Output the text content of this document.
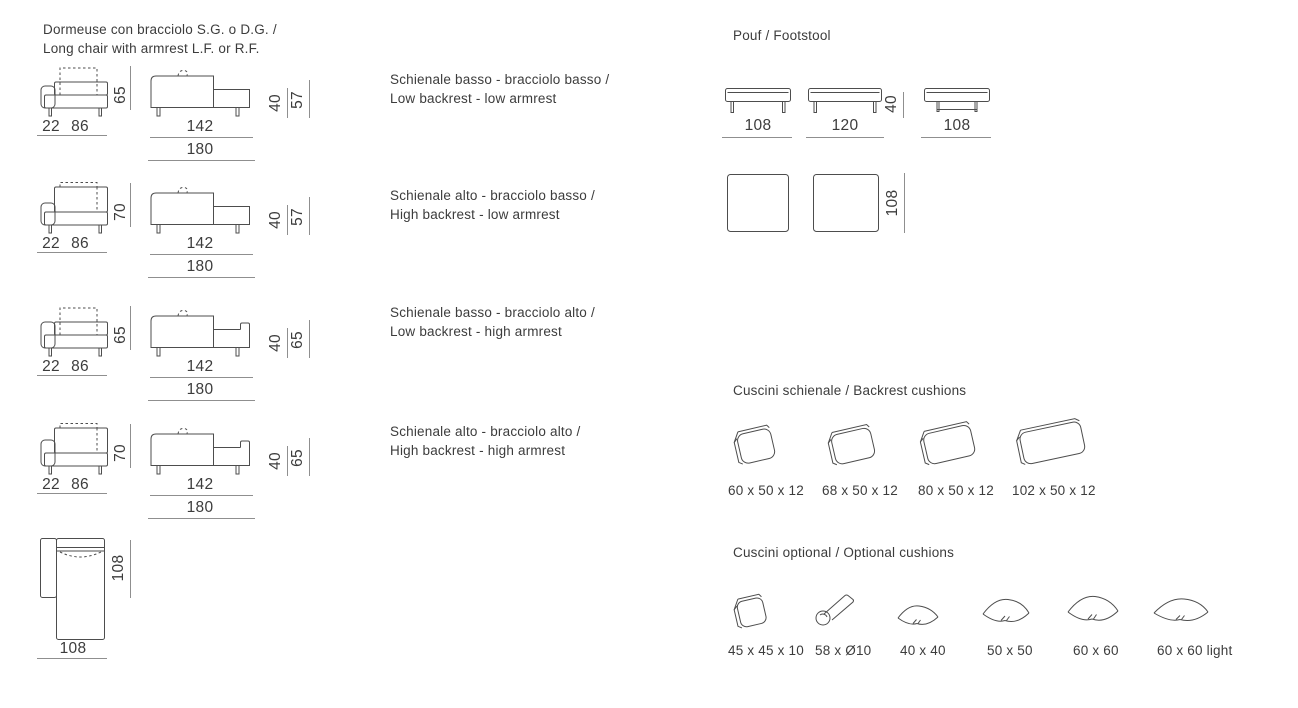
Dormeuse con bracciolo S.G. o D.G. /
Long chair with armrest L.F. or R.F.
65
22 86
40 57
142
180
70
22 86
40 57
142
180
65
22 86
40 65
142
180
70
22 86
40 65
142
180
Schienale basso - bracciolo basso /
Low backrest - low armrest
Schienale alto - bracciolo basso /
High backrest - low armrest
Schienale basso - bracciolo alto /
Low backrest - high armrest
Schienale alto - bracciolo alto /
High backrest - high armrest
108
108
Pouf / Footstool
108	120
40
108
108
Cuscini schienale / Backrest cushions
60 x 50 x 12 68 x 50 x 12 80 x 50 x 12 102 x 50 x 12
Cuscini optional / Optional cushions
45 x 45 x 10 58 x Ø10 40 x 40	50 x 50	60 x 60	60 x 60 light
